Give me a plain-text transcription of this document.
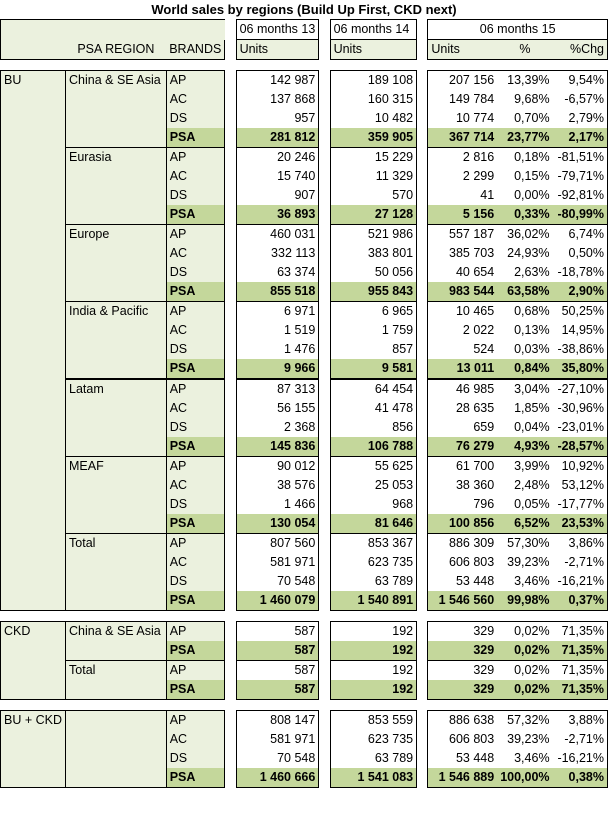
World sales by regions (Build Up First, CKD next)
				06 months 13		06 months 14		06 months 15		
	PSA REGION	BRANDS		Units		Units		Units	%	%Chg

BU	China & SE Asia	AP		142 987		189 108		207 156	13,39%	9,54%
		AC		137 868		160 315		149 784	9,68%	-6,57%
		DS		957		10 482		10 774	0,70%	2,79%
		PSA		281 812		359 905		367 714	23,77%	2,17%
	Eurasia	AP		20 246		15 229		2 816	0,18%	-81,51%
		AC		15 740		11 329		2 299	0,15%	-79,71%
		DS		907		570		41	0,00%	-92,81%
		PSA		36 893		27 128		5 156	0,33%	-80,99%
	Europe	AP		460 031		521 986		557 187	36,02%	6,74%
		AC		332 113		383 801		385 703	24,93%	0,50%
		DS		63 374		50 056		40 654	2,63%	-18,78%
		PSA		855 518		955 843		983 544	63,58%	2,90%
	India & Pacific	AP		6 971		6 965		10 465	0,68%	50,25%
		AC		1 519		1 759		2 022	0,13%	14,95%
		DS		1 476		857		524	0,03%	-38,86%
		PSA		9 966		9 581		13 011	0,84%	35,80%
	Latam	AP		87 313		64 454		46 985	3,04%	-27,10%
		AC		56 155		41 478		28 635	1,85%	-30,96%
		DS		2 368		856		659	0,04%	-23,01%
		PSA		145 836		106 788		76 279	4,93%	-28,57%
	MEAF	AP		90 012		55 625		61 700	3,99%	10,92%
		AC		38 576		25 053		38 360	2,48%	53,12%
		DS		1 466		968		796	0,05%	-17,77%
		PSA		130 054		81 646		100 856	6,52%	23,53%
	Total	AP		807 560		853 367		886 309	57,30%	3,86%
		AC		581 971		623 735		606 803	39,23%	-2,71%
		DS		70 548		63 789		53 448	3,46%	-16,21%
		PSA		1 460 079		1 540 891		1 546 560	99,98%	0,37%

CKD	China & SE Asia	AP		587		192		329	0,02%	71,35%
		PSA		587		192		329	0,02%	71,35%
	Total	AP		587		192		329	0,02%	71,35%
		PSA		587		192		329	0,02%	71,35%

BU + CKD		AP		808 147		853 559		886 638	57,32%	3,88%
		AC		581 971		623 735		606 803	39,23%	-2,71%
		DS		70 548		63 789		53 448	3,46%	-16,21%
		PSA		1 460 666		1 541 083		1 546 889	100,00%	0,38%
